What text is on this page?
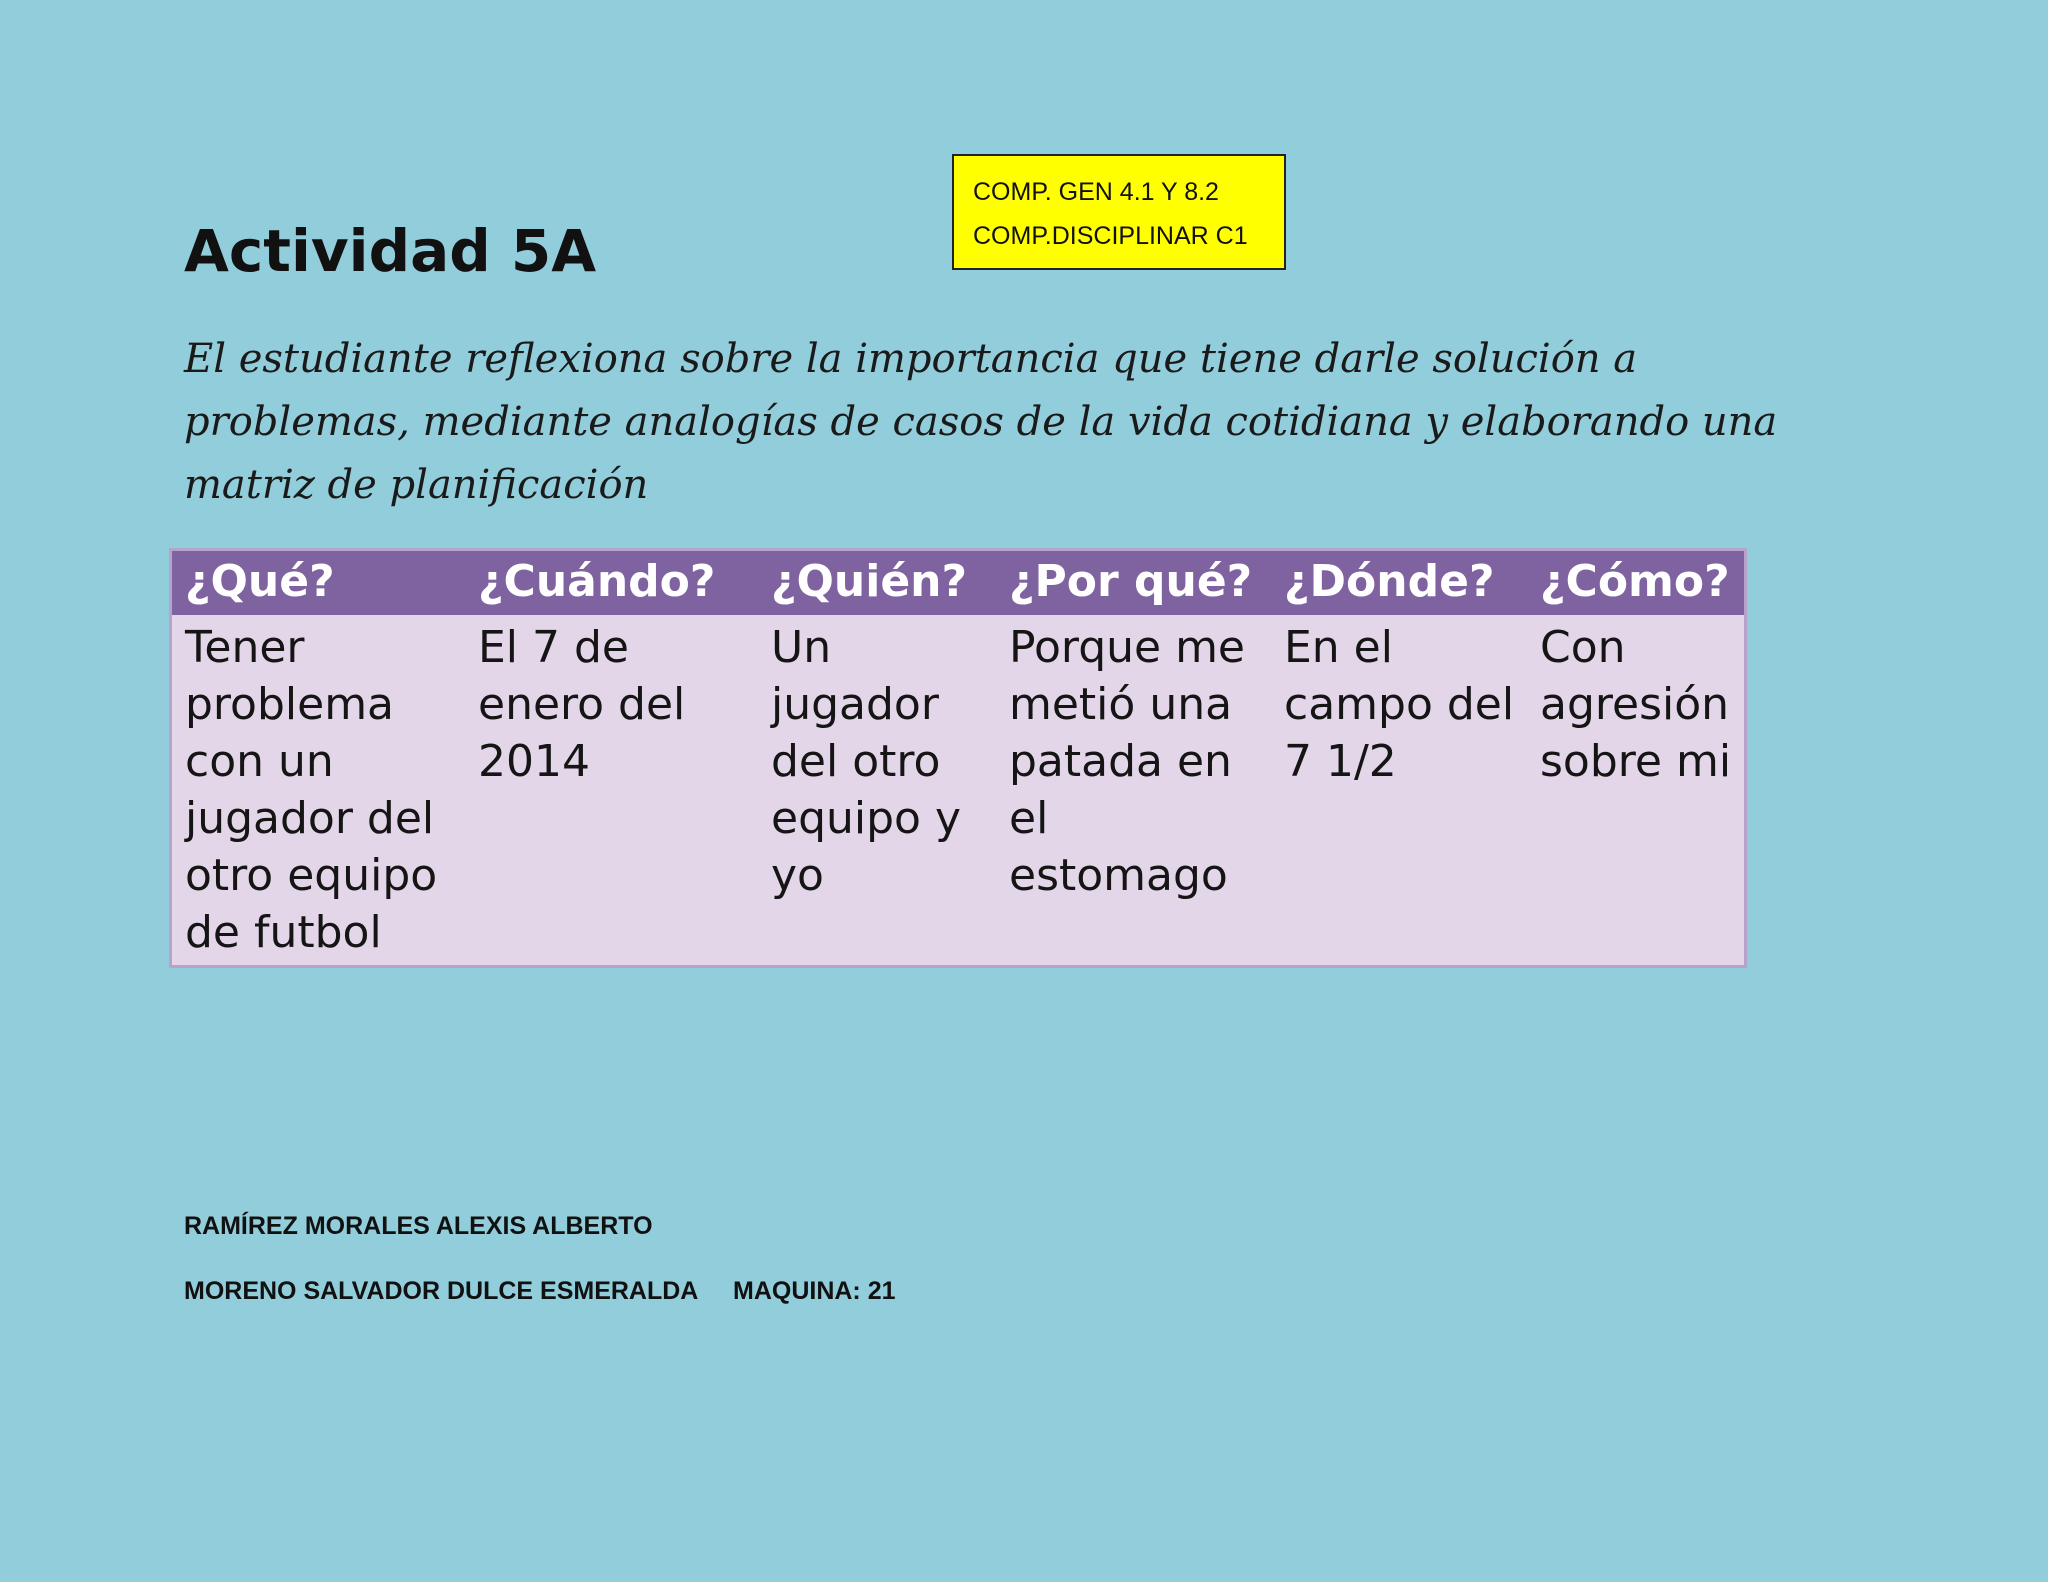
Actividad 5A
COMP. GEN 4.1 Y 8.2
COMP.DISCIPLINAR C1

El estudiante reflexiona sobre la importancia que tiene darle solución a problemas, mediante analogías de casos de la vida cotidiana y elaborando una matriz de planificación

¿Qué?	¿Cuándo?	¿Quién?	¿Por qué?	¿Dónde?	¿Cómo?
Tener problema con un jugador del otro equipo de futbol	El 7 de enero del 2014	Un jugador del otro equipo y yo	Porque me metió una patada en el estomago	En el campo del 7 1/2	Con agresión sobre mi
RAMÍREZ MORALES ALEXIS ALBERTO
MORENO SALVADOR DULCE ESMERALDA MAQUINA: 21
